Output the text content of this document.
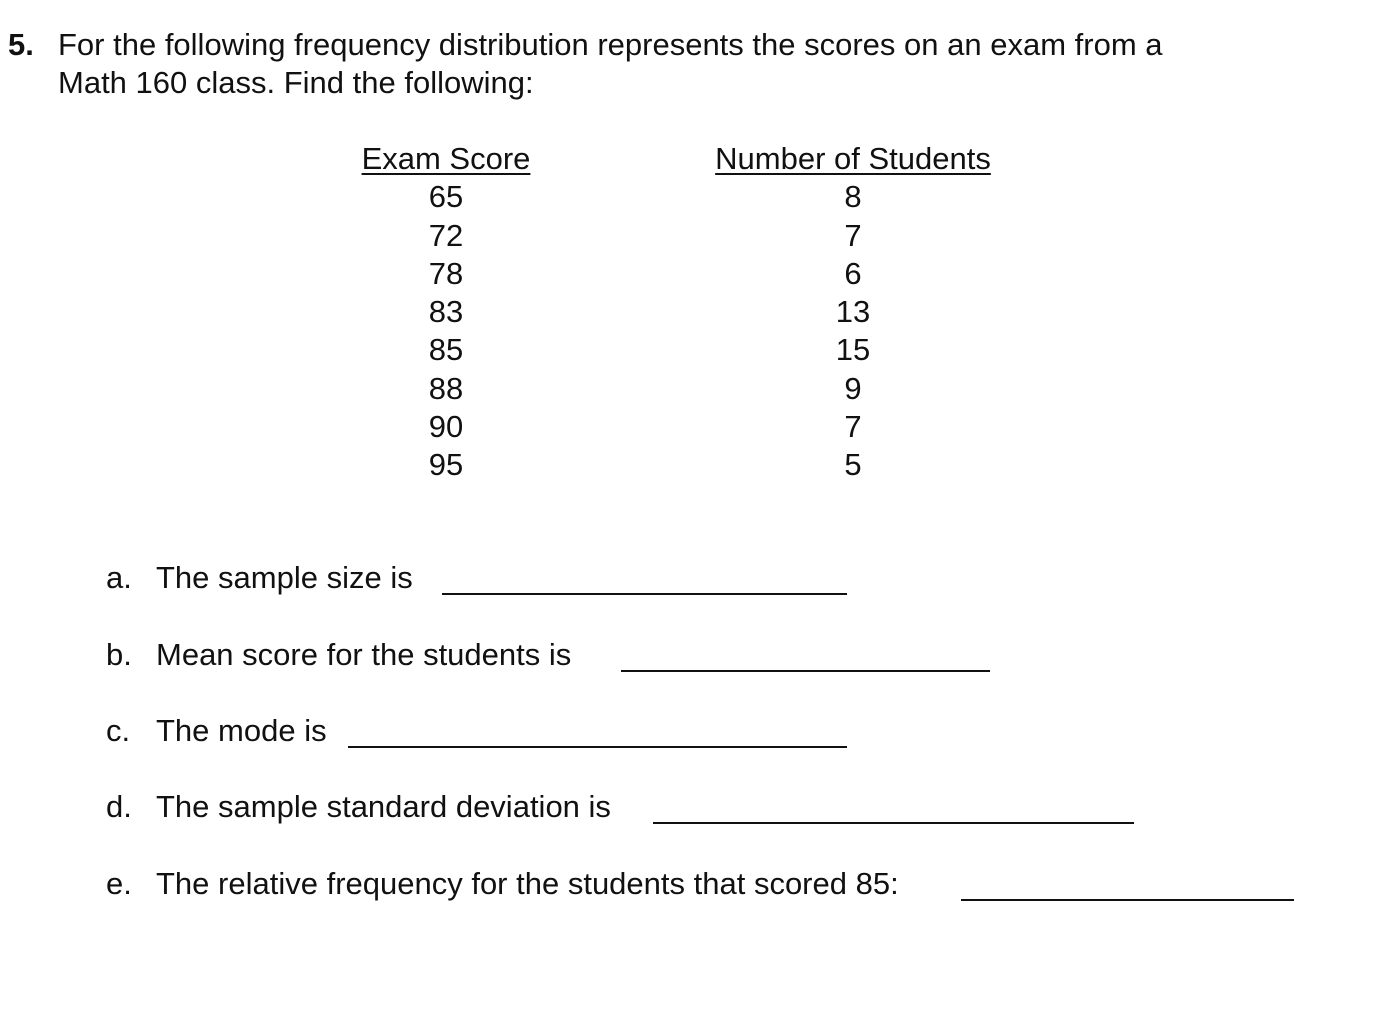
5. For the following frequency distribution represents the scores on an exam from a
Math 160 class. Find the following:
Exam Score
65
72
78
83
85
88
90
95
Number of Students
8
7
6
13
15
9
7
5
a. The sample size is
b. Mean score for the students is
c. The mode is
d. The sample standard deviation is
e. The relative frequency for the students that scored 85:
